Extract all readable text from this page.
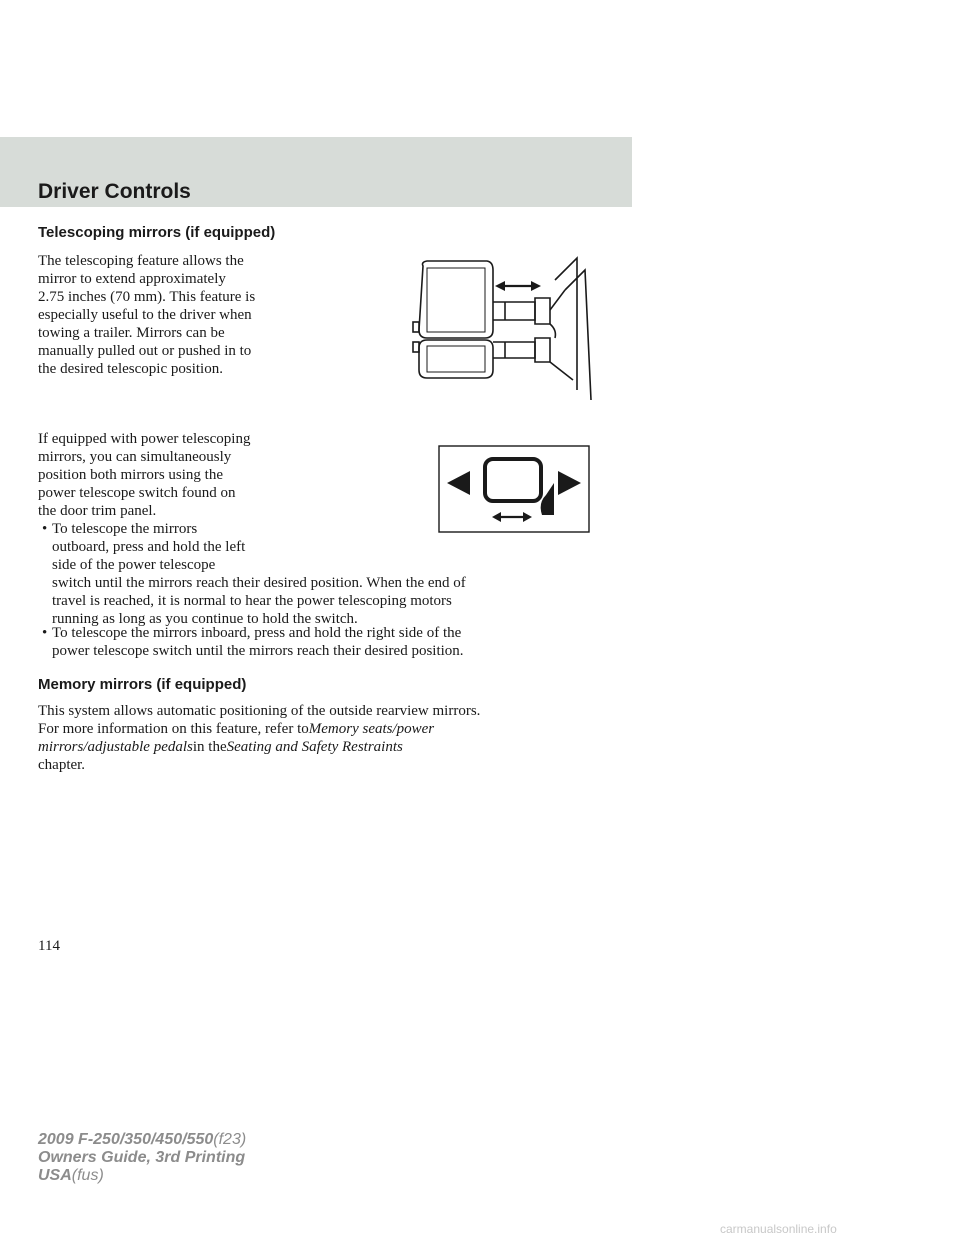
Driver Controls
Telescoping mirrors (if equipped)

The telescoping feature allows the

mirror to extend approximately

2.75 inches (70 mm). This feature is

especially useful to the driver when

towing a trailer. Mirrors can be

manually pulled out or pushed in to

the desired telescopic position.

If equipped with power telescoping

mirrors, you can simultaneously

position both mirrors using the

power telescope switch found on

the door trim panel.

• To telescope the mirrors

outboard, press and hold the left

side of the power telescope

switch until the mirrors reach their desired position. When the end of

travel is reached, it is normal to hear the power telescoping motors

running as long as you continue to hold the switch.

• To telescope the mirrors inboard, press and hold the right side of the

power telescope switch until the mirrors reach their desired position.

Memory mirrors (if equipped)

This system allows automatic positioning of the outside rearview mirrors.

For more information on this feature, refer toMemory seats/power

mirrors/adjustable pedalsin theSeating and Safety Restraints

chapter.

114

2009 F-250/350/450/550(f23)

Owners Guide, 3rd Printing

USA(fus)

carmanualsonline.info
